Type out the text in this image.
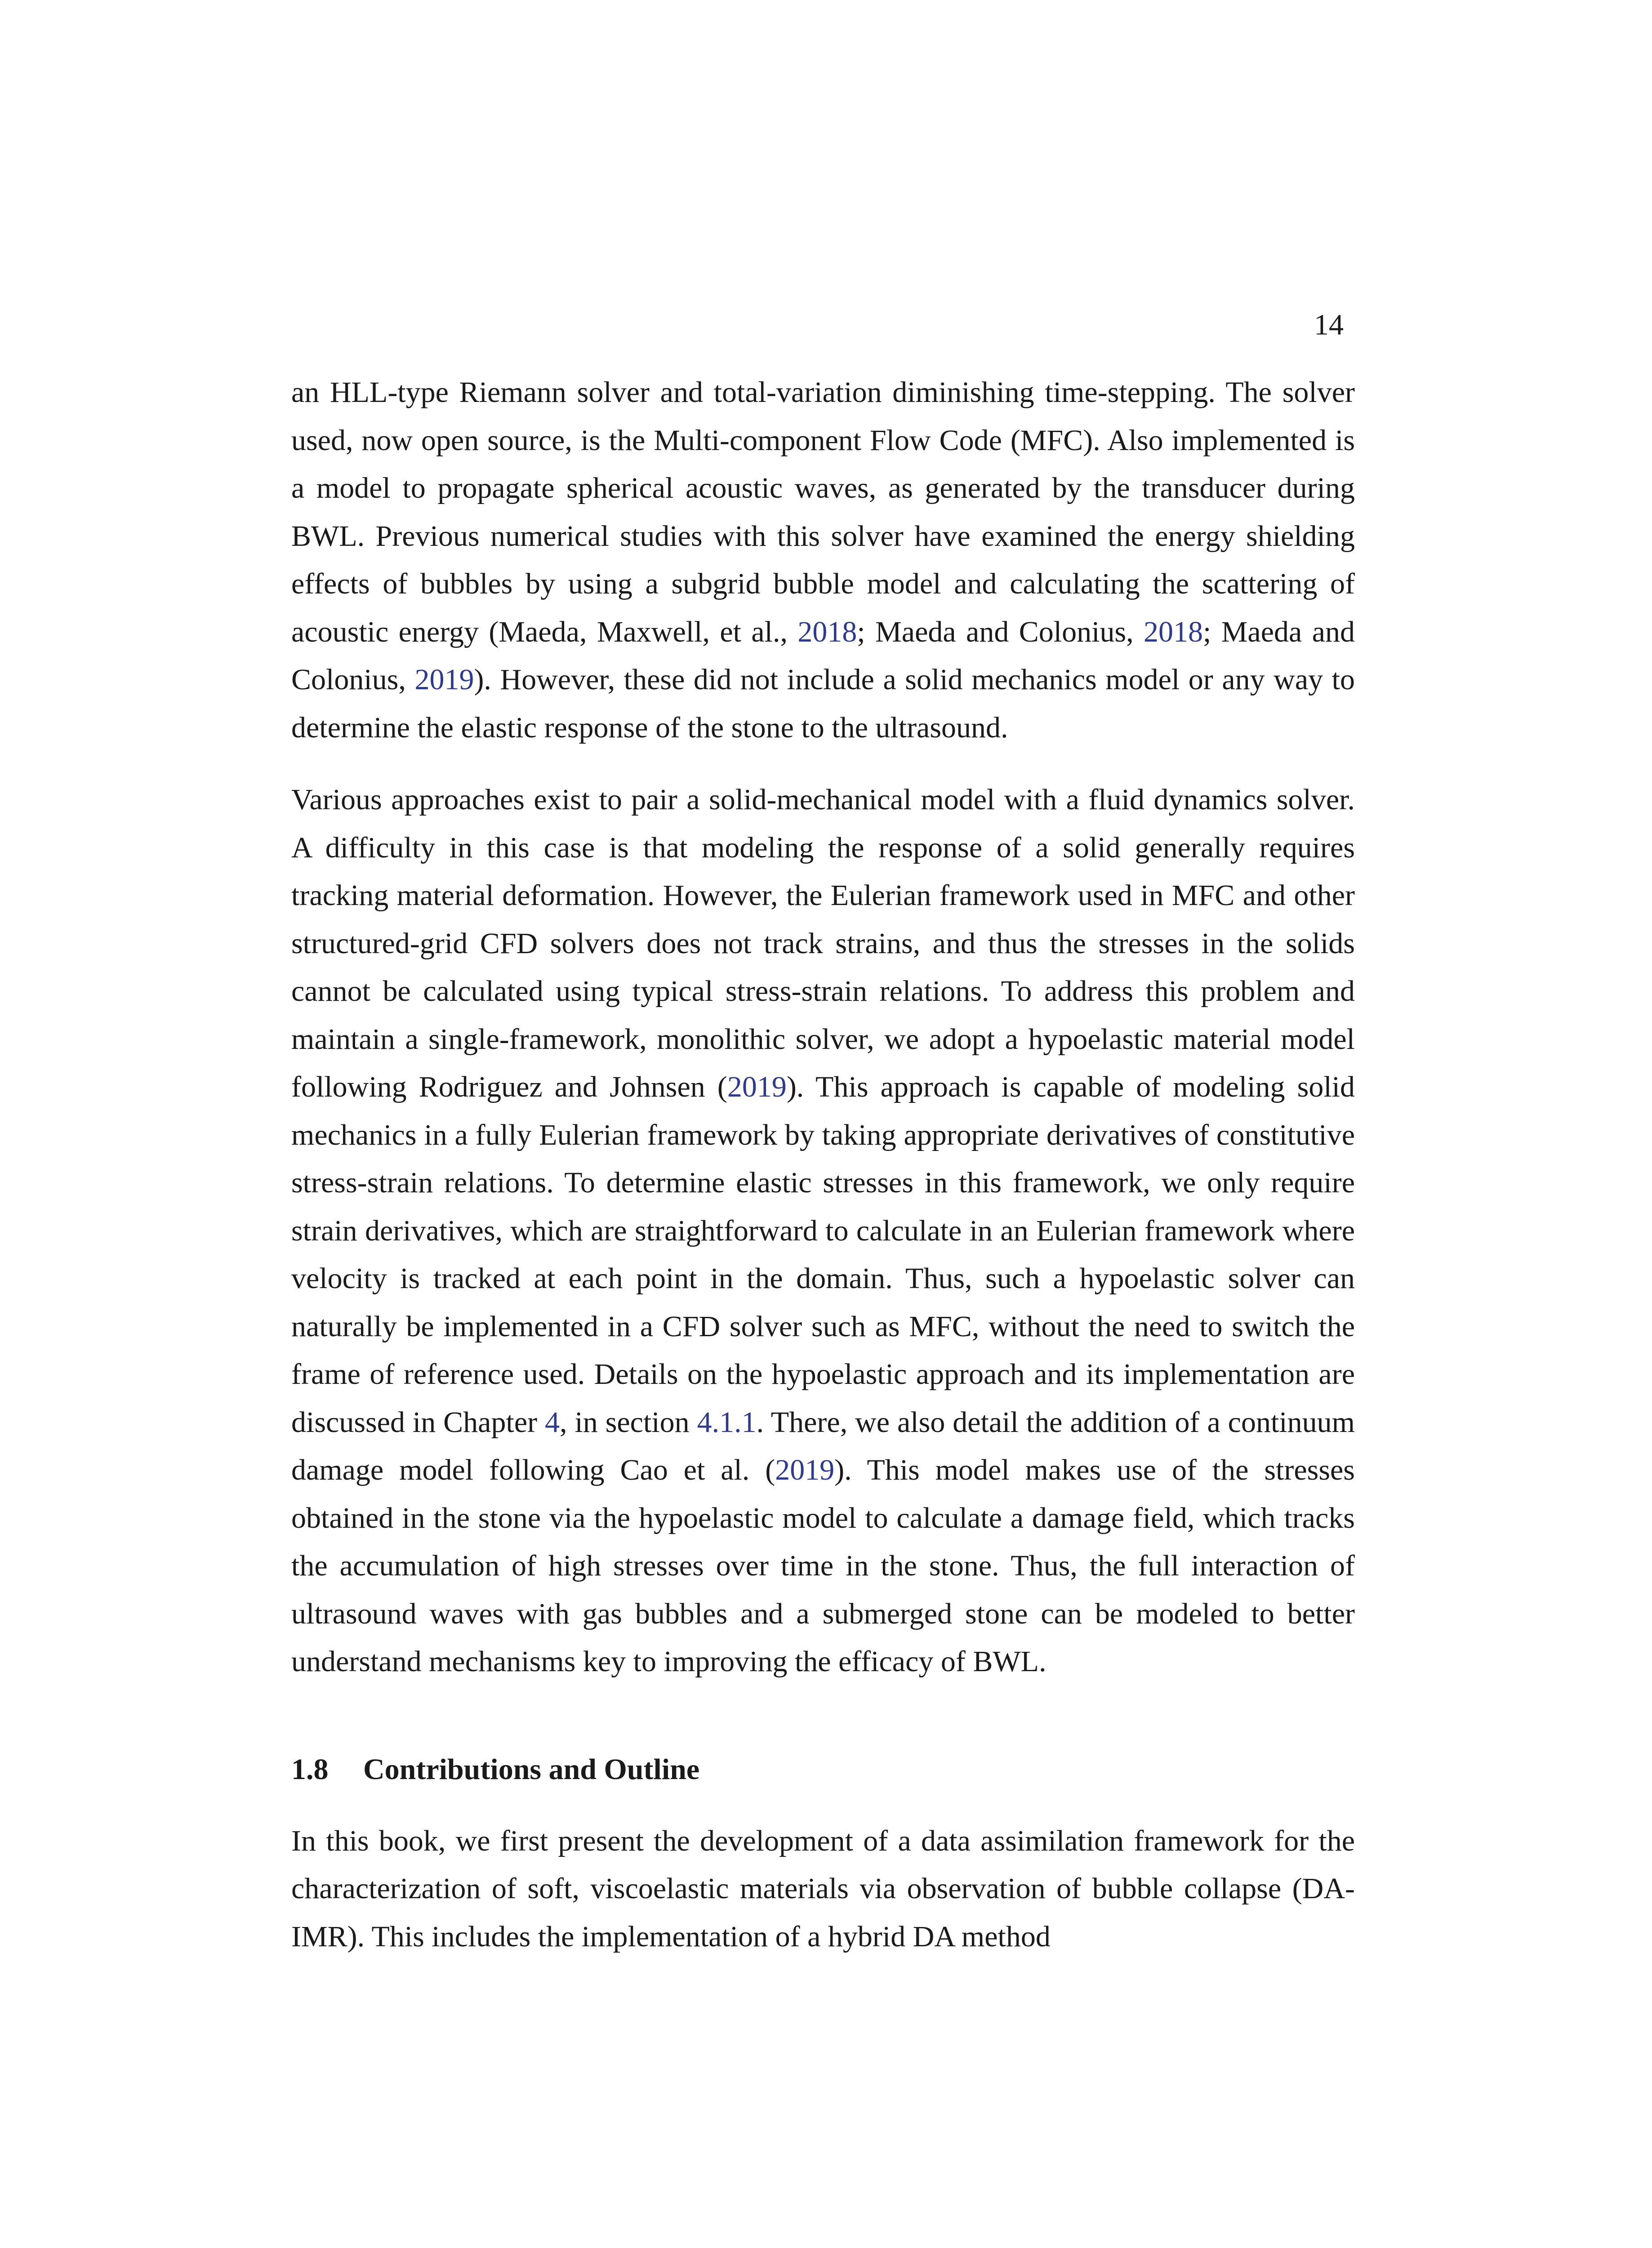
14

an HLL-type Riemann solver and total-variation diminishing time-stepping. The solver used, now open source, is the Multi-component Flow Code (MFC). Also implemented is a model to propagate spherical acoustic waves, as generated by the transducer during BWL. Previous numerical studies with this solver have examined the energy shielding effects of bubbles by using a subgrid bubble model and calculating the scattering of acoustic energy (Maeda, Maxwell, et al., 2018; Maeda and Colonius, 2018; Maeda and Colonius, 2019). However, these did not include a solid mechanics model or any way to determine the elastic response of the stone to the ultrasound.

Various approaches exist to pair a solid-mechanical model with a fluid dynamics solver. A difficulty in this case is that modeling the response of a solid generally requires tracking material deformation. However, the Eulerian framework used in MFC and other structured-grid CFD solvers does not track strains, and thus the stresses in the solids cannot be calculated using typical stress-strain relations. To address this problem and maintain a single-framework, monolithic solver, we adopt a hypoelastic material model following Rodriguez and Johnsen (2019). This approach is capable of modeling solid mechanics in a fully Eulerian framework by taking appropriate derivatives of constitutive stress-strain relations. To determine elastic stresses in this framework, we only require strain derivatives, which are straightforward to calculate in an Eulerian framework where velocity is tracked at each point in the domain. Thus, such a hypoelastic solver can naturally be implemented in a CFD solver such as MFC, without the need to switch the frame of reference used. Details on the hypoelastic approach and its implementation are discussed in Chapter 4, in section 4.1.1. There, we also detail the addition of a continuum damage model following Cao et al. (2019). This model makes use of the stresses obtained in the stone via the hypoelastic model to calculate a damage field, which tracks the accumulation of high stresses over time in the stone. Thus, the full interaction of ultrasound waves with gas bubbles and a submerged stone can be modeled to better understand mechanisms key to improving the efficacy of BWL.

1.8 Contributions and Outline

In this book, we first present the development of a data assimilation framework for the characterization of soft, viscoelastic materials via observation of bubble collapse (DA-IMR). This includes the implementation of a hybrid DA method
